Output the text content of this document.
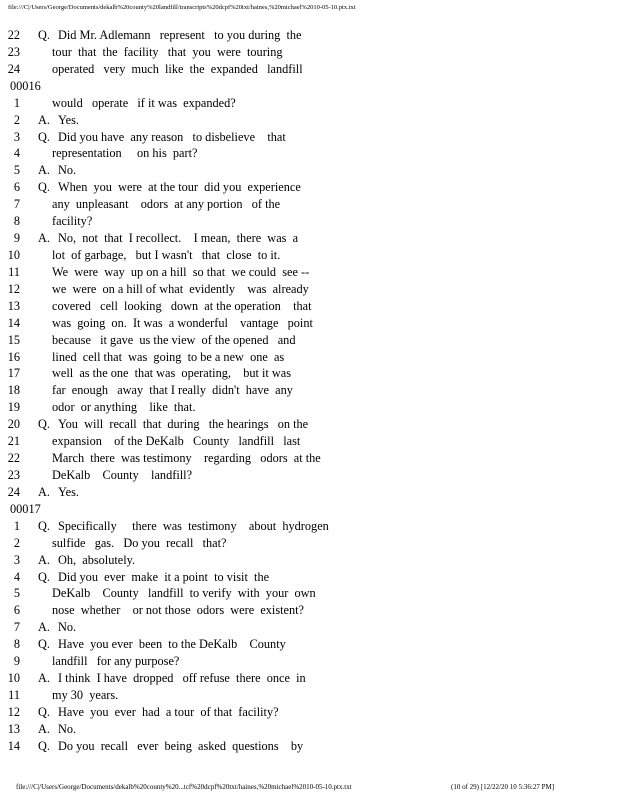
file:///C|/Users/George/Documents/dekalb%20county%20landfill/transcripts%20dcpf%20txt/haines,%20michael%2010-05-10.ptx.txt
22 Q. Did Mr. Adlemann   represent   to you during  the
23	tour  that  the  facility   that  you  were  touring
24	operated   very  much  like  the  expanded   landfill
00016
1	would   operate   if it was  expanded?
2 A. Yes.
3 Q. Did you have  any reason   to disbelieve    that
4	representation     on his  part?
5 A. No.
6 Q. When  you  were  at the tour  did you  experience
7	any  unpleasant    odors  at any portion   of the
8	facility?
9 A. No,  not  that  I recollect.    I mean,  there  was  a
10	lot  of garbage,   but I wasn't   that  close  to it.
11	We  were  way  up on a hill  so that  we could  see --
12	we  were  on a hill of what  evidently    was  already
13	covered   cell  looking   down  at the operation    that
14	was  going  on.  It was  a wonderful    vantage   point
15	because   it gave  us the view  of the opened   and
16	lined  cell that  was  going  to be a new  one  as
17	well  as the one  that was  operating,    but it was
18	far  enough   away  that I really  didn't  have  any
19	odor  or anything    like  that.
20 Q. You  will  recall  that  during   the hearings   on the
21	expansion    of the DeKalb   County   landfill   last
22	March  there  was testimony    regarding   odors  at the
23	DeKalb    County    landfill?
24 A. Yes.
00017
1 Q. Specifically     there  was  testimony    about  hydrogen
2	sulfide   gas.   Do you  recall   that?
3 A. Oh,  absolutely.
4 Q. Did you  ever  make  it a point  to visit  the
5	DeKalb    County   landfill  to verify  with  your  own
6	nose  whether    or not those  odors  were  existent?
7 A. No.
8 Q. Have  you ever  been  to the DeKalb    County
9	landfill   for any purpose?
10 A. I think  I have  dropped   off refuse  there  once  in
11	my 30  years.
12 Q. Have  you  ever  had  a tour  of that  facility?
13 A. No.
14 Q. Do you  recall   ever  being  asked  questions    by
file:///C|/Users/George/Documents/dekalb%20county%20...tcf%20dcpf%20txt/haines,%20michael%2010-05-10.ptx.txt	(10 of 29) [12/22/20 10 5:36:27 PM]
